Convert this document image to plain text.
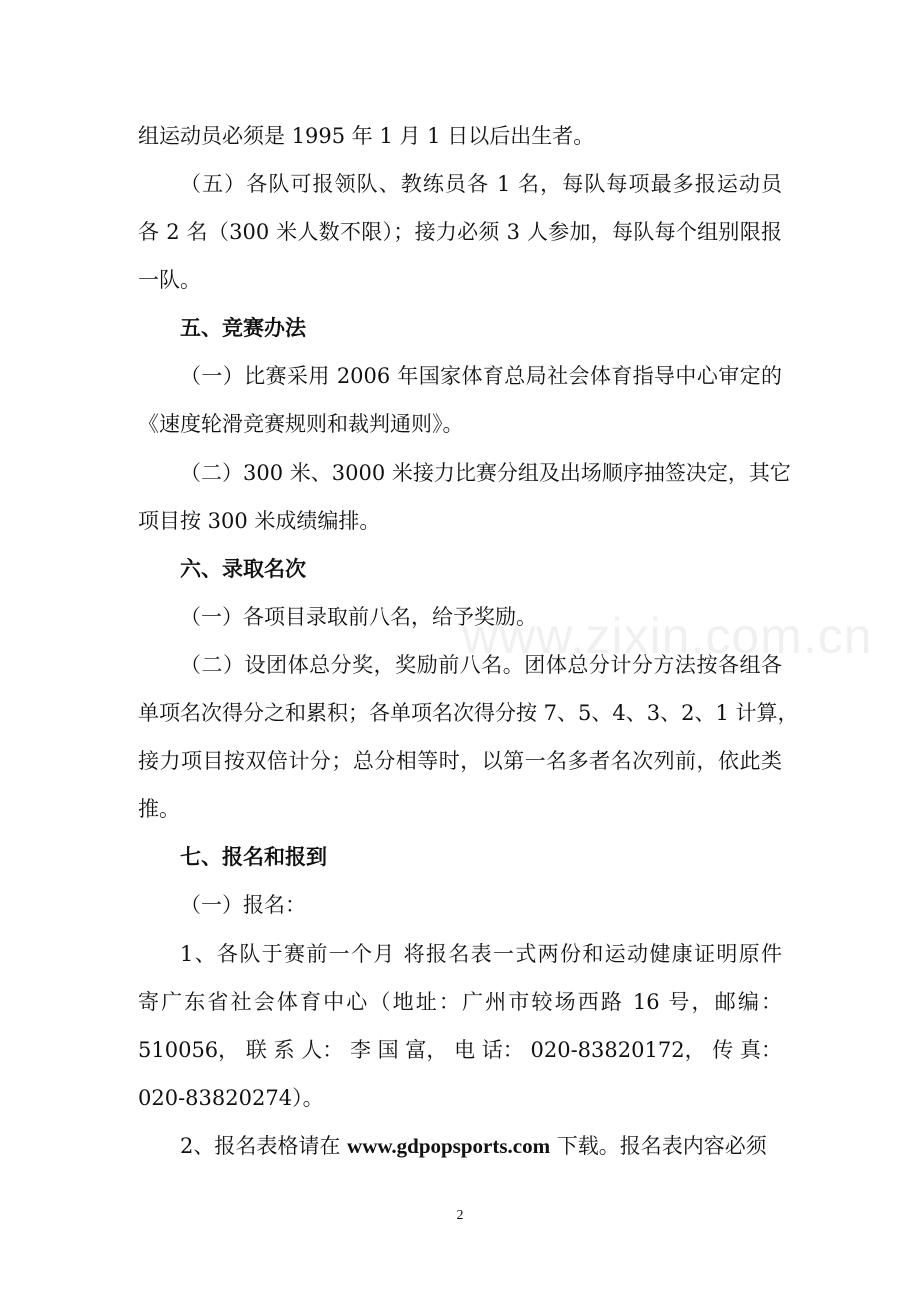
组运动员必须是 1995 年 1 月 1 日以后出生者。
（五）各队可报领队、教练员各 1 名，每队每项最多报运动员
各 2 名（300 米人数不限）；接力必须 3 人参加，每队每个组别限报
一队。
五、竞赛办法
（一）比赛采用 2006 年国家体育总局社会体育指导中心审定的
《速度轮滑竞赛规则和裁判通则》。
（二）300 米、3000 米接力比赛分组及出场顺序抽签决定，其它
项目按 300 米成绩编排。
六、录取名次
（一）各项目录取前八名，给予奖励。
（二）设团体总分奖，奖励前八名。团体总分计分方法按各组各
单项名次得分之和累积；各单项名次得分按 7、5、4、3、2、1 计算，
接力项目按双倍计分；总分相等时，以第一名多者名次列前，依此类
推。
七、报名和报到
（一）报名：
1、各队于赛前一个月 将报名表一式两份和运动健康证明原件
寄广东省社会体育中心（地址：广州市较场西路 16 号，邮编：
510056， 联 系 人： 李 国 富， 电 话： 020-83820172， 传 真：
020-83820274）。
2、报名表格请在 www.gdpopsports.com 下载。报名表内容必须
www.zixin.com.cn
2
